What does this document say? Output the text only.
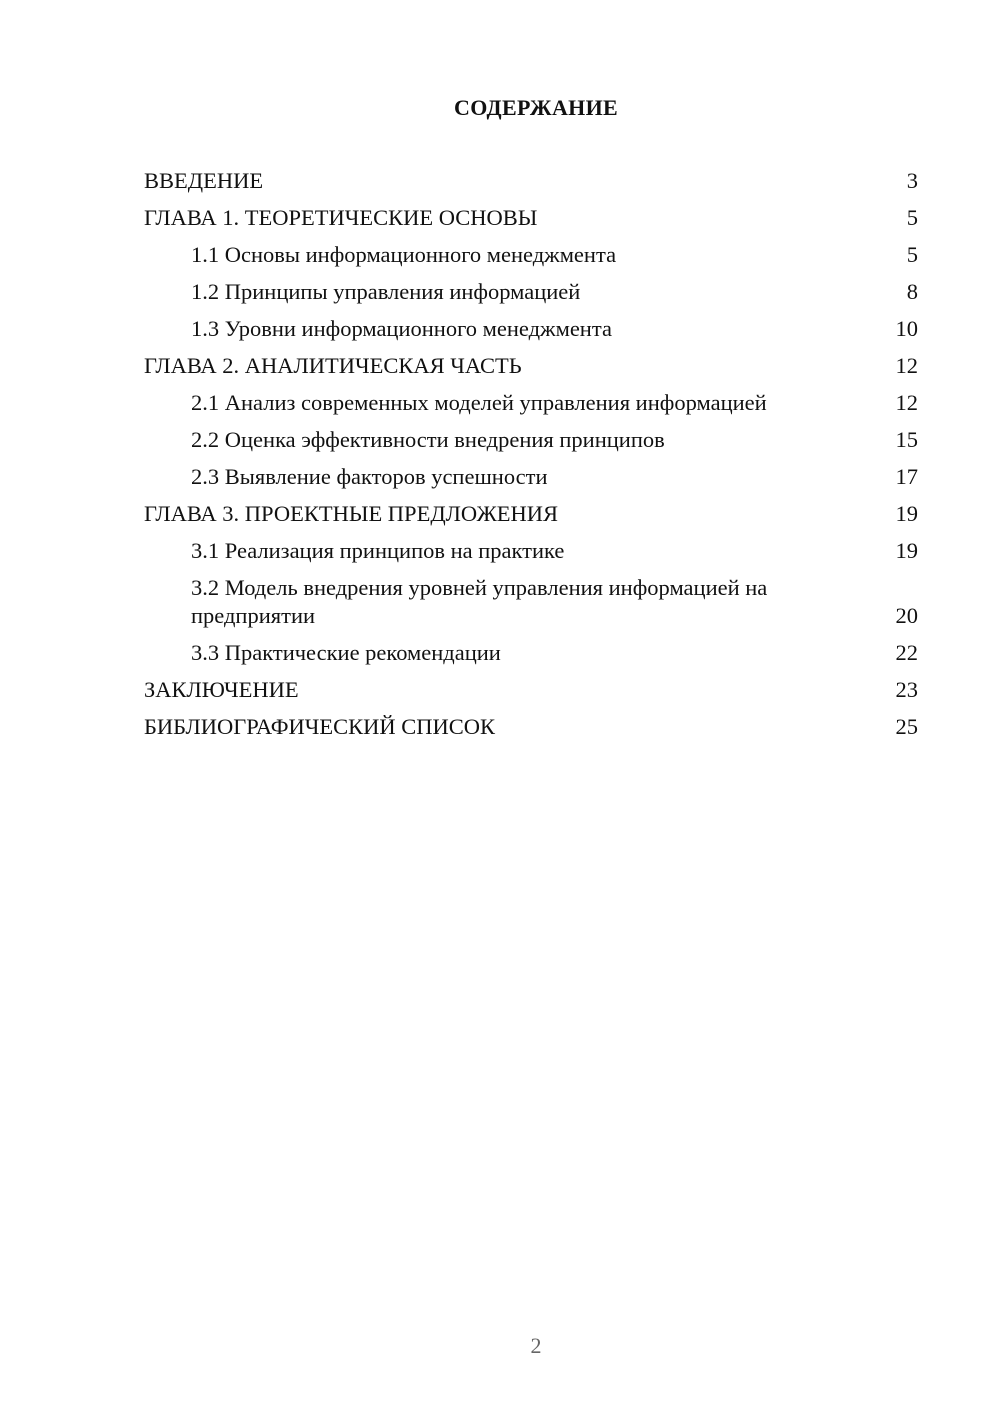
СОДЕРЖАНИЕ
ВВЕДЕНИЕ	3
ГЛАВА 1. ТЕОРЕТИЧЕСКИЕ ОСНОВЫ	5
1.1 Основы информационного менеджмента	5
1.2 Принципы управления информацией	8
1.3 Уровни информационного менеджмента	10
ГЛАВА 2. АНАЛИТИЧЕСКАЯ ЧАСТЬ	12
2.1 Анализ современных моделей управления информацией	12
2.2 Оценка эффективности внедрения принципов	15
2.3 Выявление факторов успешности	17
ГЛАВА 3. ПРОЕКТНЫЕ ПРЕДЛОЖЕНИЯ	19
3.1 Реализация принципов на практике	19
3.2 Модель внедрения уровней управления информацией на предприятии	20
3.3 Практические рекомендации	22
ЗАКЛЮЧЕНИЕ	23
БИБЛИОГРАФИЧЕСКИЙ СПИСОК	25
2
